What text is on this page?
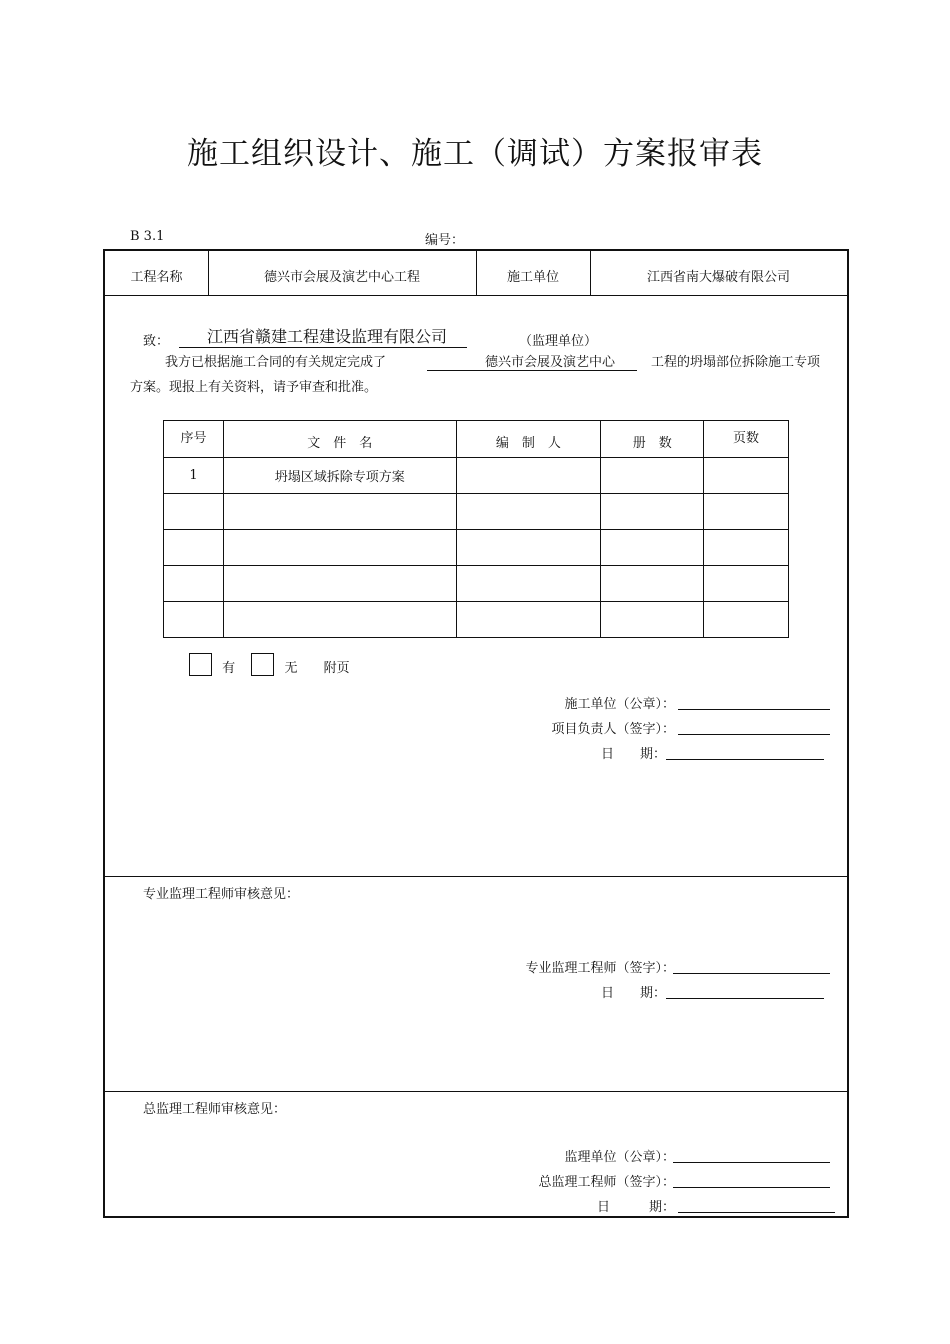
施工组织设计、施工（调试）方案报审表
B 3.1	编号：
工程名称	德兴市会展及演艺中心工程	施工单位	江西省南大爆破有限公司
致：	江西省赣建工程建设监理有限公司	（监理单位）
我方已根据施工合同的有关规定完成了	德兴市会展及演艺中心	工程的坍塌部位拆除施工专项
方案。现报上有关资料，请予审查和批准。
序号	文　件　名	编　制　人	册　数	页数

1	坍塌区域拆除专项方案			

有	无 附页
施工单位（公章）：
项目负责人（签字）：
日　　期：
专业监理工程师审核意见：
专业监理工程师（签字）：
日　　期：
总监理工程师审核意见：
监理单位（公章）：
总监理工程师（签字）：
日　　　期：
